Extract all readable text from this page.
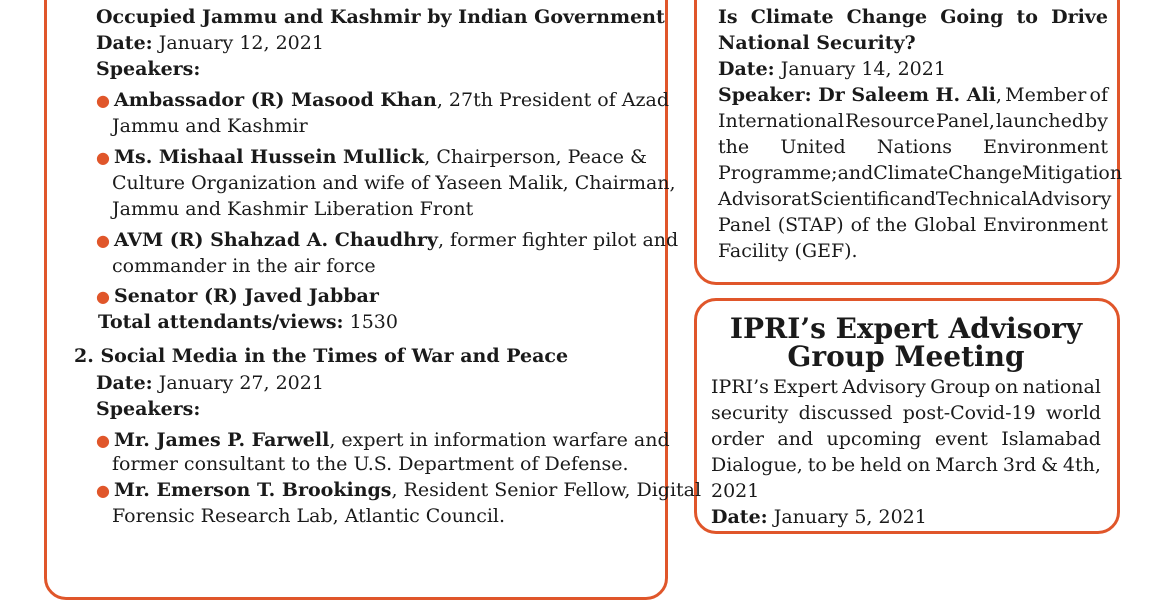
Occupied Jammu and Kashmir by Indian Government
Date: January 12, 2021
Speakers:
● Ambassador (R) Masood Khan, 27th President of Azad
Jammu and Kashmir
● Ms. Mishaal Hussein Mullick, Chairperson, Peace &
Culture Organization and wife of Yaseen Malik, Chairman,
Jammu and Kashmir Liberation Front
● AVM (R) Shahzad A. Chaudhry, former fighter pilot and
commander in the air force
● Senator (R) Javed Jabbar
Total attendants/views: 1530
2. Social Media in the Times of War and Peace
Date: January 27, 2021
Speakers:
● Mr. James P. Farwell, expert in information warfare and
former consultant to the U.S. Department of Defense.
● Mr. Emerson T. Brookings, Resident Senior Fellow, Digital
Forensic Research Lab, Atlantic Council.
Is Climate Change Going to Drive
National Security?
Date: January 14, 2021
Speaker: Dr Saleem H. Ali, Member of
International Resource Panel, launched by
the United Nations Environment
Programme; and Climate Change Mitigation
Advisor at Scientific and Technical Advisory
Panel (STAP) of the Global Environment
Facility (GEF).
IPRI’s Expert Advisory
Group Meeting
IPRI’s Expert Advisory Group on national
security discussed post-Covid-19 world
order and upcoming event Islamabad
Dialogue, to be held on March 3rd & 4th,
2021
Date: January 5, 2021
